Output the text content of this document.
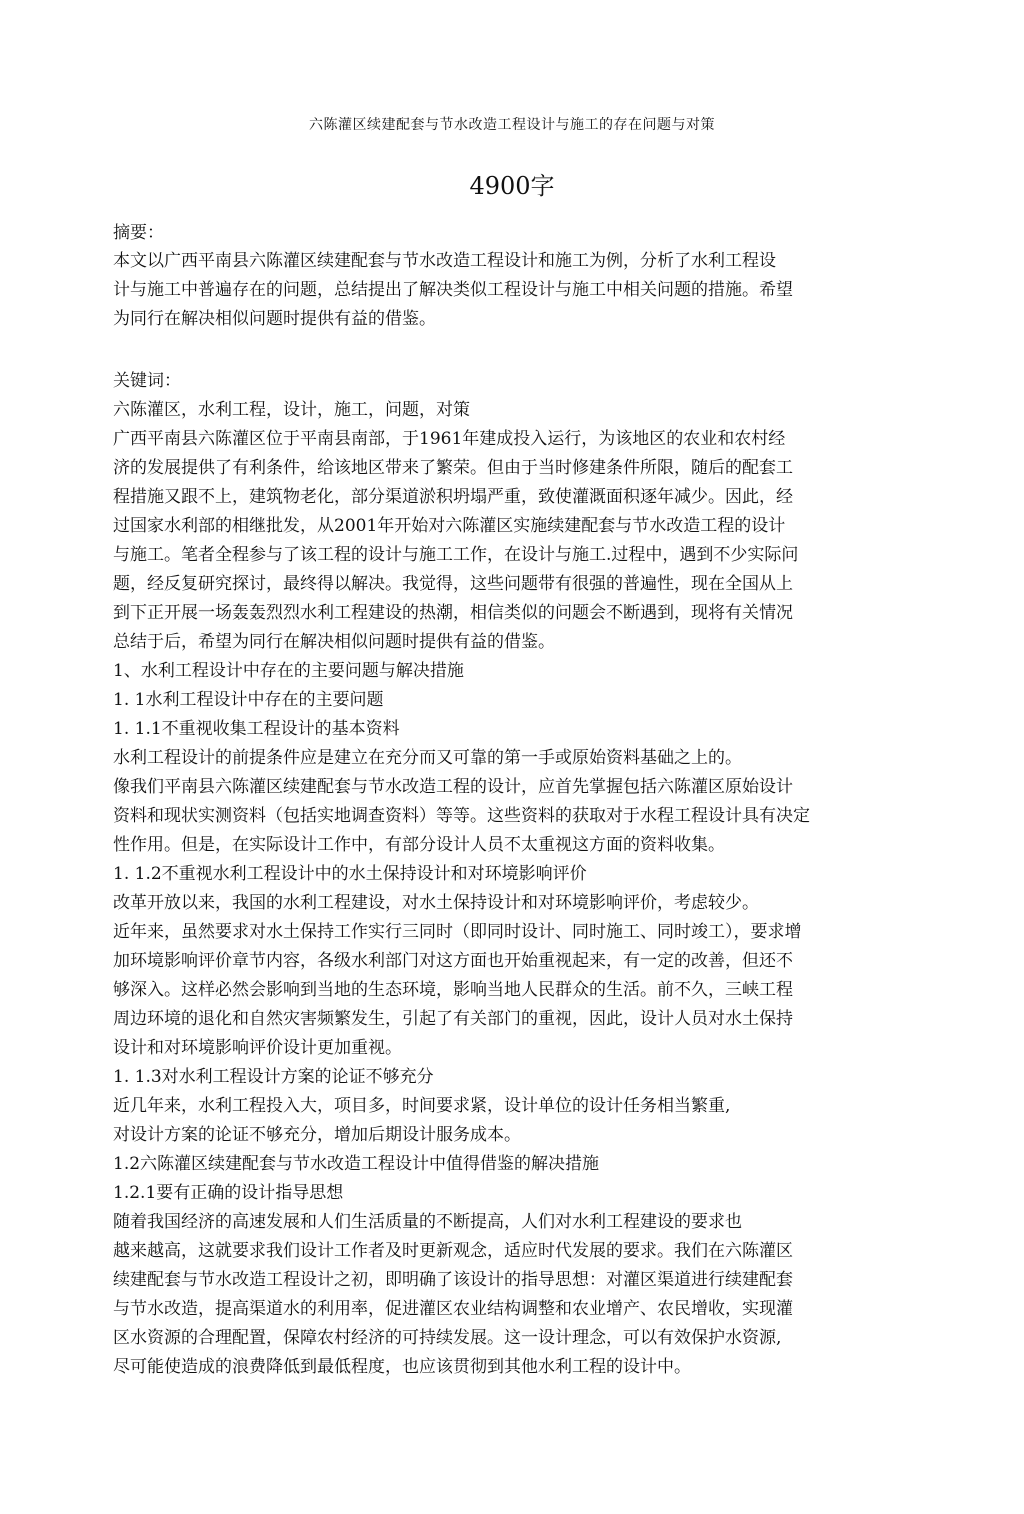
六陈灌区续建配套与节水改造工程设计与施工的存在问题与对策
4900字
摘要：
本文以广西平南县六陈灌区续建配套与节水改造工程设计和施工为例，分析了水利工程设
计与施工中普遍存在的问题，总结提出了解决类似工程设计与施工中相关问题的措施。希望
为同行在解决相似问题时提供有益的借鉴。
关键词：
六陈灌区，水利工程，设计，施工，问题，对策
广西平南县六陈灌区位于平南县南部，于1961年建成投入运行，为该地区的农业和农村经
济的发展提供了有利条件，给该地区带来了繁荣。但由于当时修建条件所限，随后的配套工
程措施又跟不上，建筑物老化，部分渠道淤积坍塌严重，致使灌溉面积逐年减少。因此，经
过国家水利部的相继批发，从2001年开始对六陈灌区实施续建配套与节水改造工程的设计
与施工。笔者全程参与了该工程的设计与施工工作，在设计与施工.过程中，遇到不少实际问
题，经反复研究探讨，最终得以解决。我觉得，这些问题带有很强的普遍性，现在全国从上
到下正开展一场轰轰烈烈水利工程建设的热潮，相信类似的问题会不断遇到，现将有关情况
总结于后，希望为同行在解决相似问题时提供有益的借鉴。
1、水利工程设计中存在的主要问题与解决措施
1. 1水利工程设计中存在的主要问题
1. 1.1不重视收集工程设计的基本资料
水利工程设计的前提条件应是建立在充分而又可靠的第一手或原始资料基础之上的。
像我们平南县六陈灌区续建配套与节水改造工程的设计，应首先掌握包括六陈灌区原始设计
资料和现状实测资料（包括实地调查资料）等等。这些资料的获取对于水程工程设计具有决定
性作用。但是，在实际设计工作中，有部分设计人员不太重视这方面的资料收集。
1. 1.2不重视水利工程设计中的水土保持设计和对环境影响评价
改革开放以来，我国的水利工程建设，对水土保持设计和对环境影响评价，考虑较少。
近年来，虽然要求对水土保持工作实行三同时（即同时设计、同时施工、同时竣工），要求增
加环境影响评价章节内容，各级水利部门对这方面也开始重视起来，有一定的改善，但还不
够深入。这样必然会影响到当地的生态环境，影响当地人民群众的生活。前不久，三峡工程
周边环境的退化和自然灾害频繁发生，引起了有关部门的重视，因此，设计人员对水土保持
设计和对环境影响评价设计更加重视。
1. 1.3对水利工程设计方案的论证不够充分
近几年来，水利工程投入大，项目多，时间要求紧，设计单位的设计任务相当繁重,
对设计方案的论证不够充分，增加后期设计服务成本。
1.2六陈灌区续建配套与节水改造工程设计中值得借鉴的解决措施
1.2.1要有正确的设计指导思想
随着我国经济的高速发展和人们生活质量的不断提高，人们对水利工程建设的要求也
越来越高，这就要求我们设计工作者及时更新观念，适应时代发展的要求。我们在六陈灌区
续建配套与节水改造工程设计之初，即明确了该设计的指导思想：对灌区渠道进行续建配套
与节水改造，提高渠道水的利用率，促进灌区农业结构调整和农业增产、农民增收，实现灌
区水资源的合理配置，保障农村经济的可持续发展。这一设计理念，可以有效保护水资源,
尽可能使造成的浪费降低到最低程度，也应该贯彻到其他水利工程的设计中。
